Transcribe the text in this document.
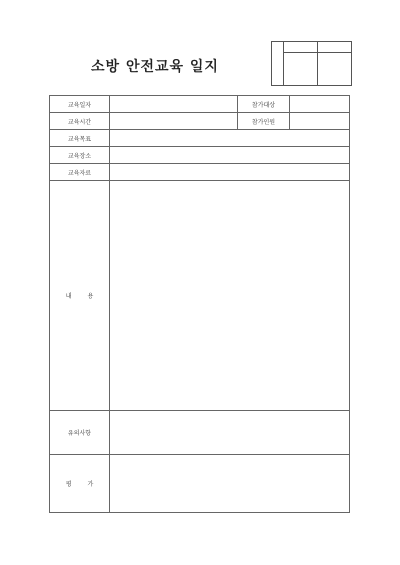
소방 안전교육 일지

교육일자		참가대상	
교육시간		참가인원	
교육목표			
교육장소			
교육자료			
내 용			
유의사항			
평 가			
